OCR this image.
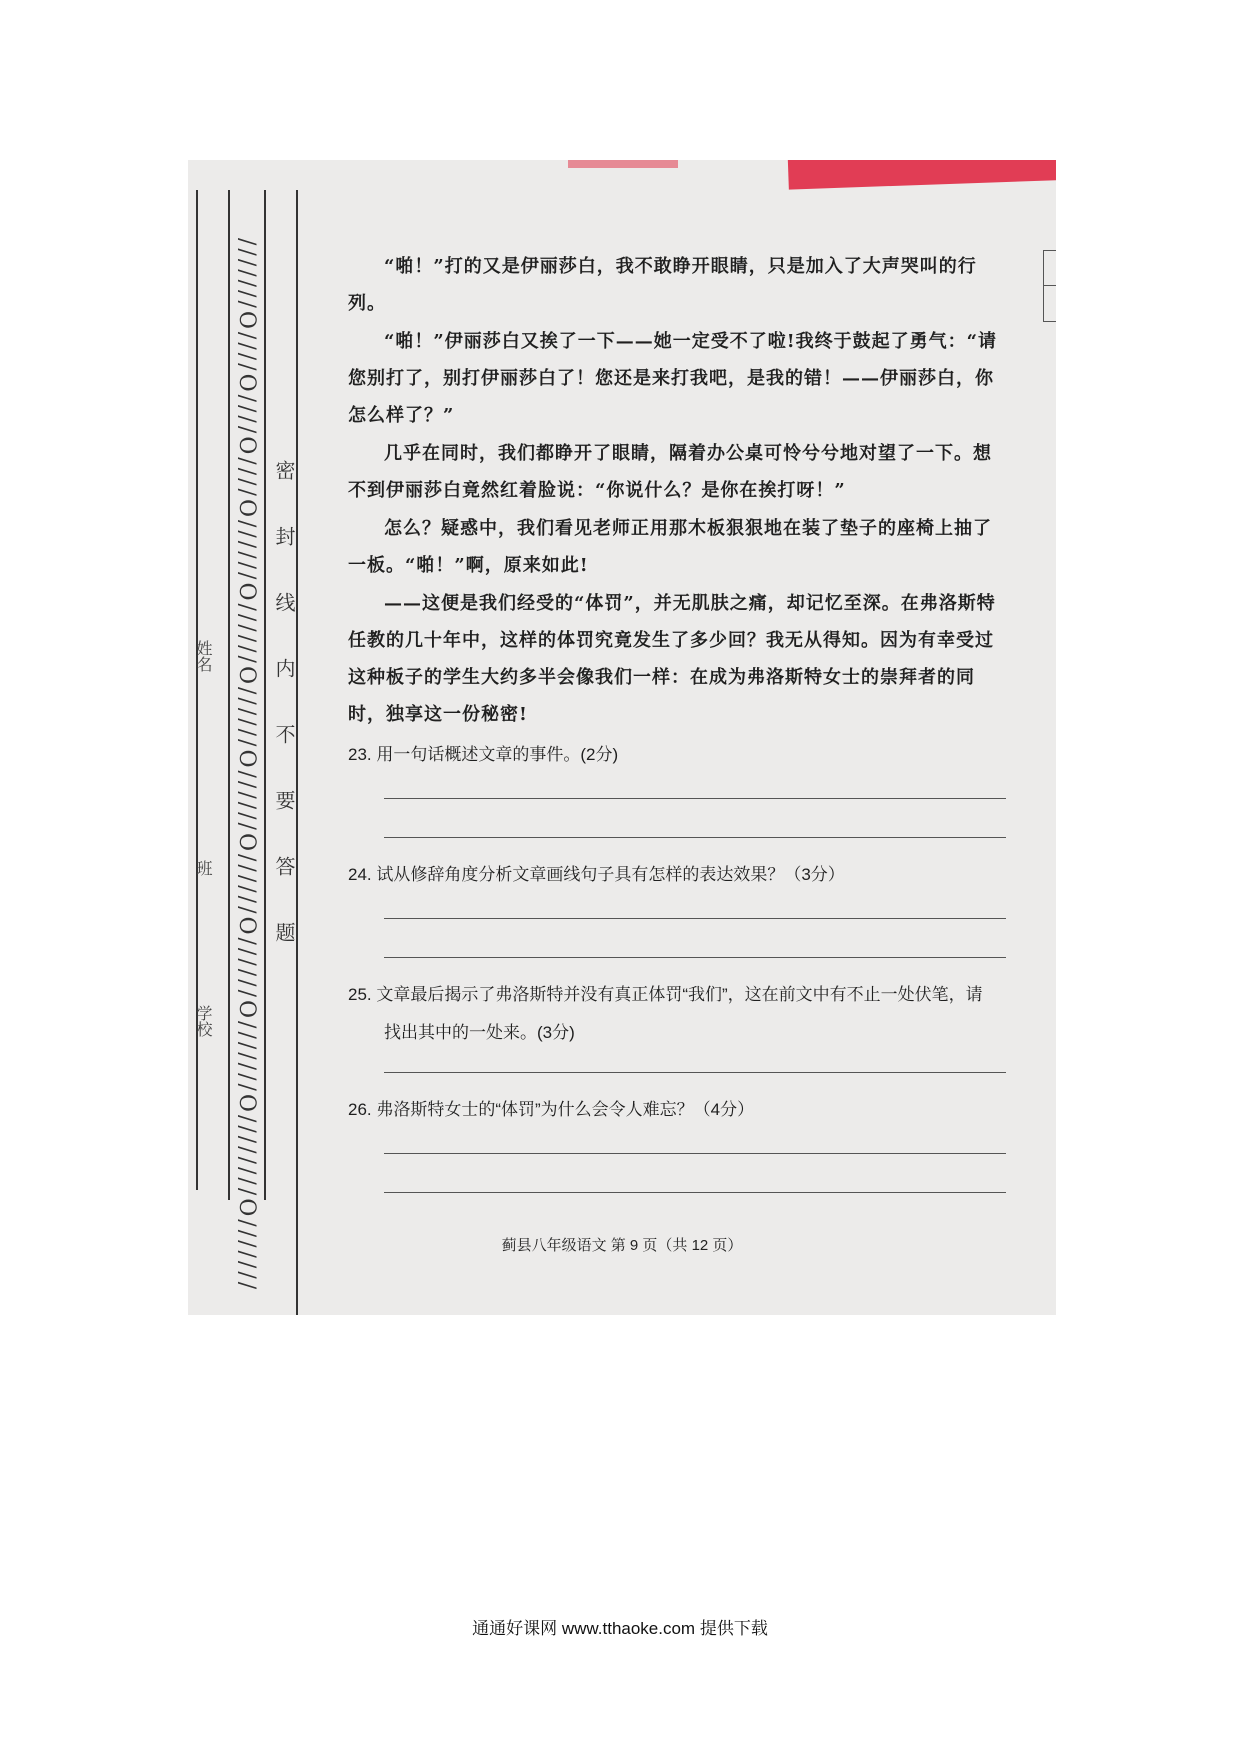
///////O////O////O////O//////O//////O//////O//////O//////O//////O///////O////////O/////// 密封线内不要答题
学校
班
姓名

“啪！”打的又是伊丽莎白，我不敢睁开眼睛，只是加入了大声哭叫的行列。

“啪！”伊丽莎白又挨了一下——她一定受不了啦!我终于鼓起了勇气：“请您别打了，别打伊丽莎白了！您还是来打我吧，是我的错！——伊丽莎白，你怎么样了？”

几乎在同时，我们都睁开了眼睛，隔着办公桌可怜兮兮地对望了一下。想不到伊丽莎白竟然红着脸说：“你说什么？是你在挨打呀！”

怎么？疑惑中，我们看见老师正用那木板狠狠地在装了垫子的座椅上抽了一板。“啪！”啊，原来如此!

——这便是我们经受的“体罚”，并无肌肤之痛，却记忆至深。在弗洛斯特任教的几十年中，这样的体罚究竟发生了多少回？我无从得知。因为有幸受过这种板子的学生大约多半会像我们一样：在成为弗洛斯特女士的崇拜者的同时，独享这一份秘密!

23. 用一句话概述文章的事件。(2分)

24. 试从修辞角度分析文章画线句子具有怎样的表达效果？（3分）

25. 文章最后揭示了弗洛斯特并没有真正体罚“我们”，这在前文中有不止一处伏笔，请

找出其中的一处来。(3分)

26. 弗洛斯特女士的“体罚”为什么会令人难忘？（4分）

蓟县八年级语文 第 9 页（共 12 页）
通通好课网 www.tthaoke.com 提供下载
